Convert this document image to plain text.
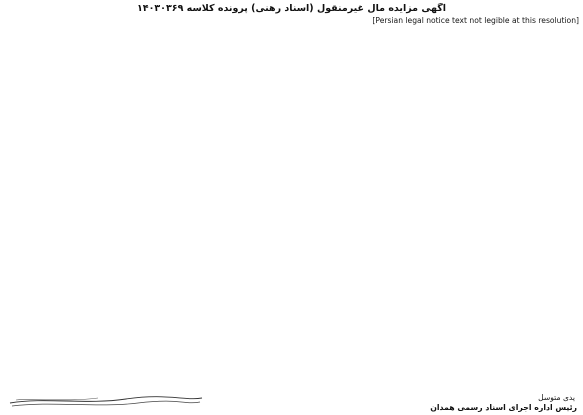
آگهی مزایده مال غیرمنقول (اسناد رهنی) پرونده کلاسه ۱۴۰۳۰۳۶۹

[Persian legal notice text not legible at this resolution]

یدی متوسل
رئیس اداره اجرای اسناد رسمی همدان
